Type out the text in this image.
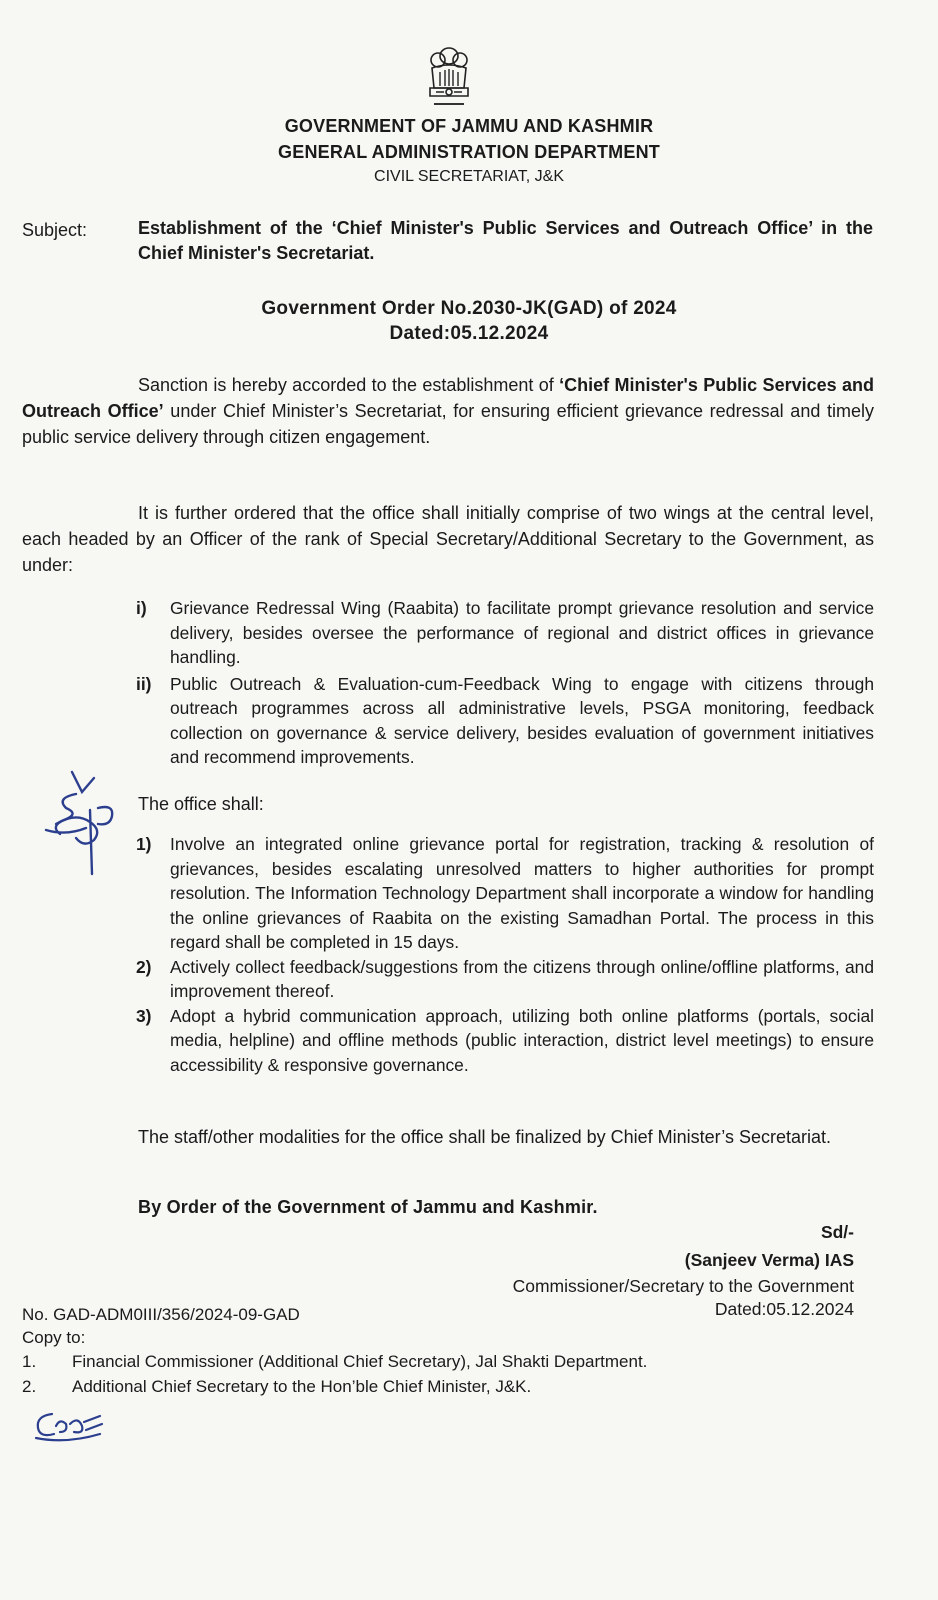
GOVERNMENT OF JAMMU AND KASHMIR
GENERAL ADMINISTRATION DEPARTMENT
CIVIL SECRETARIAT, J&K
Subject:	Establishment of the ‘Chief Minister's Public Services and Outreach Office’ in the Chief Minister's Secretariat.
Government Order No.2030-JK(GAD) of 2024
Dated:05.12.2024
Sanction is hereby accorded to the establishment of ‘Chief Minister's Public Services and Outreach Office’ under Chief Minister’s Secretariat, for ensuring efficient grievance redressal and timely public service delivery through citizen engagement.
It is further ordered that the office shall initially comprise of two wings at the central level, each headed by an Officer of the rank of Special Secretary/Additional Secretary to the Government, as under:
i) Grievance Redressal Wing (Raabita) to facilitate prompt grievance resolution and service delivery, besides oversee the performance of regional and district offices in grievance handling.
ii) Public Outreach & Evaluation-cum-Feedback Wing to engage with citizens through outreach programmes across all administrative levels, PSGA monitoring, feedback collection on governance & service delivery, besides evaluation of government initiatives and recommend improvements.
The office shall:
1) Involve an integrated online grievance portal for registration, tracking & resolution of grievances, besides escalating unresolved matters to higher authorities for prompt resolution. The Information Technology Department shall incorporate a window for handling the online grievances of Raabita on the existing Samadhan Portal. The process in this regard shall be completed in 15 days.
2) Actively collect feedback/suggestions from the citizens through online/offline platforms, and improvement thereof.
3) Adopt a hybrid communication approach, utilizing both online platforms (portals, social media, helpline) and offline methods (public interaction, district level meetings) to ensure accessibility & responsive governance.
The staff/other modalities for the office shall be finalized by Chief Minister’s Secretariat.
By Order of the Government of Jammu and Kashmir.
Sd/-
(Sanjeev Verma) IAS
Commissioner/Secretary to the Government
Dated:05.12.2024
No. GAD-ADM0III/356/2024-09-GAD
Copy to:
1. Financial Commissioner (Additional Chief Secretary), Jal Shakti Department.
2. Additional Chief Secretary to the Hon’ble Chief Minister, J&K.
